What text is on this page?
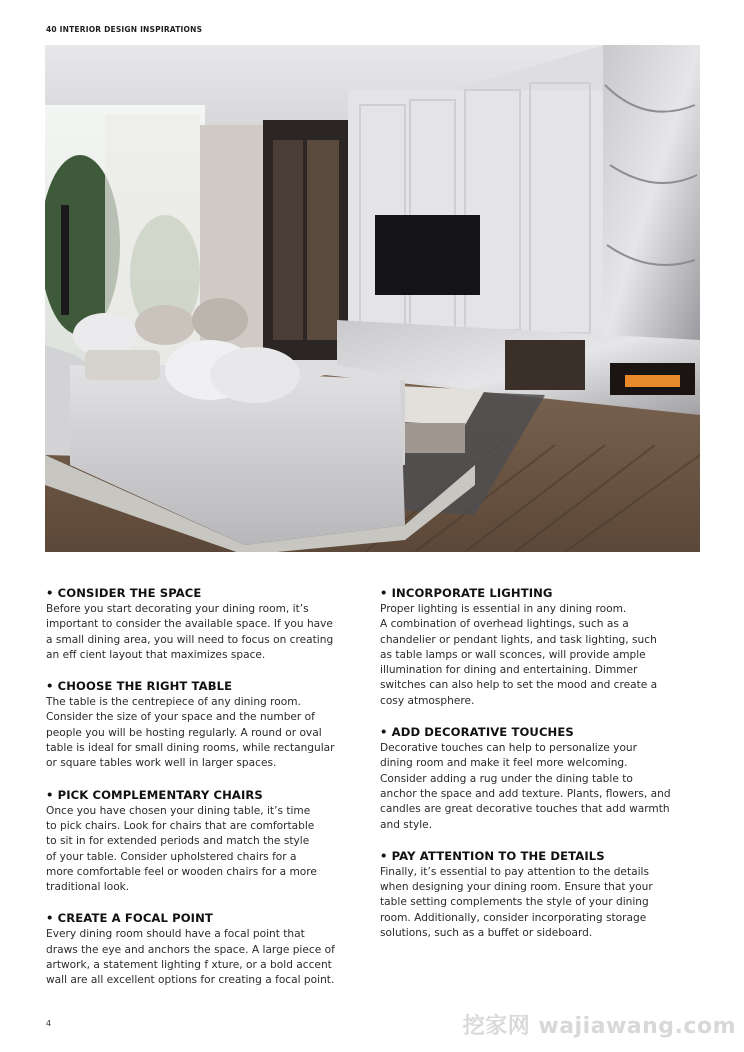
40 INTERIOR DESIGN INSPIRATIONS
• CONSIDER THE SPACE

Before you start decorating your dining room, it’s
important to consider the available space. If you have
a small dining area, you will need to focus on creating
an eff cient layout that maximizes space.

• CHOOSE THE RIGHT TABLE

The table is the centrepiece of any dining room.
Consider the size of your space and the number of
people you will be hosting regularly. A round or oval
table is ideal for small dining rooms, while rectangular
or square tables work well in larger spaces.

• PICK COMPLEMENTARY CHAIRS

Once you have chosen your dining table, it’s time
to pick chairs. Look for chairs that are comfortable
to sit in for extended periods and match the style
of your table. Consider upholstered chairs for a
more comfortable feel or wooden chairs for a more
traditional look.

• CREATE A FOCAL POINT

Every dining room should have a focal point that
draws the eye and anchors the space. A large piece of
artwork, a statement lighting f xture, or a bold accent
wall are all excellent options for creating a focal point.

• INCORPORATE LIGHTING

Proper lighting is essential in any dining room.
A combination of overhead lightings, such as a
chandelier or pendant lights, and task lighting, such
as table lamps or wall sconces, will provide ample
illumination for dining and entertaining. Dimmer
switches can also help to set the mood and create a
cosy atmosphere.

• ADD DECORATIVE TOUCHES

Decorative touches can help to personalize your
dining room and make it feel more welcoming.
Consider adding a rug under the dining table to
anchor the space and add texture. Plants, flowers, and
candles are great decorative touches that add warmth
and style.

• PAY ATTENTION TO THE DETAILS

Finally, it’s essential to pay attention to the details
when designing your dining room. Ensure that your
table setting complements the style of your dining
room. Additionally, consider incorporating storage
solutions, such as a buffet or sideboard.

4	挖家网 wajiawang.com
